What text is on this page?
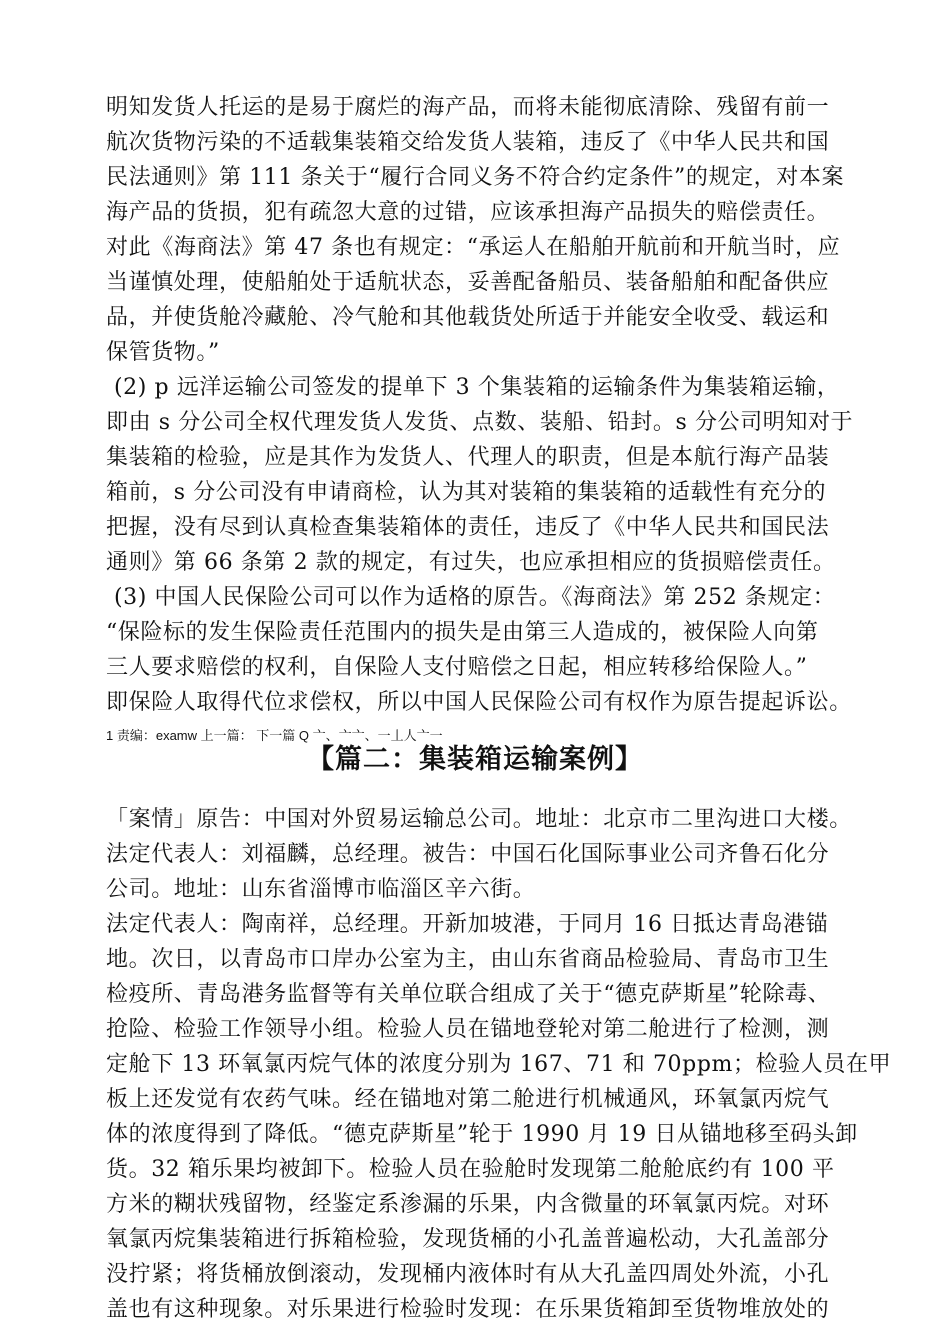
明知发货人托运的是易于腐烂的海产品，而将未能彻底清除、残留有前一
航次货物污染的不适载集装箱交给发货人装箱，违反了《中华人民共和国
民法通则》第 111 条关于“履行合同义务不符合约定条件”的规定，对本案
海产品的货损，犯有疏忽大意的过错，应该承担海产品损失的赔偿责任。
对此《海商法》第 47 条也有规定：“承运人在船舶开航前和开航当时，应
当谨慎处理，使船舶处于适航状态，妥善配备船员、装备船舶和配备供应
品，并使货舱冷藏舱、冷气舱和其他载货处所适于并能安全收受、载运和
保管货物。”
(2) p 远洋运输公司签发的提单下 3 个集装箱的运输条件为集装箱运输，
即由 s 分公司全权代理发货人发货、点数、装船、铅封。s 分公司明知对于
集装箱的检验，应是其作为发货人、代理人的职责，但是本航行海产品装
箱前，s 分公司没有申请商检，认为其对装箱的集装箱的适载性有充分的
把握，没有尽到认真检查集装箱体的责任，违反了《中华人民共和国民法
通则》第 66 条第 2 款的规定，有过失，也应承担相应的货损赔偿责任。
(3) 中国人民保险公司可以作为适格的原告。《海商法》第 252 条规定：
“保险标的发生保险责任范围内的损失是由第三人造成的，被保险人向第
三人要求赔偿的权利，自保险人支付赔偿之日起，相应转移给保险人。”
即保险人取得代位求偿权，所以中国人民保险公司有权作为原告提起诉讼。
1 责编：examw 上一篇： 下一篇 Q 亠、亠亠、一丄人亠一
【篇二：集装箱运输案例】
「案情」原告：中国对外贸易运输总公司。地址：北京市二里沟进口大楼。
法定代表人：刘福麟，总经理。被告：中国石化国际事业公司齐鲁石化分
公司。地址：山东省淄博市临淄区辛六街。
法定代表人：陶南祥，总经理。开新加坡港，于同月 16 日抵达青岛港锚
地。次日，以青岛市口岸办公室为主，由山东省商品检验局、青岛市卫生
检疫所、青岛港务监督等有关单位联合组成了关于“德克萨斯星”轮除毒、
抢险、检验工作领导小组。检验人员在锚地登轮对第二舱进行了检测，测
定舱下 13 环氧氯丙烷气体的浓度分别为 167、71 和 70ppm；检验人员在甲
板上还发觉有农药气味。经在锚地对第二舱进行机械通风，环氧氯丙烷气
体的浓度得到了降低。“德克萨斯星”轮于 1990 月 19 日从锚地移至码头卸
货。32 箱乐果均被卸下。检验人员在验舱时发现第二舱舱底约有 100 平
方米的糊状残留物，经鉴定系渗漏的乐果，内含微量的环氧氯丙烷。对环
氧氯丙烷集装箱进行拆箱检验，发现货桶的小孔盖普遍松动，大孔盖部分
没拧紧；将货桶放倒滚动，发现桶内液体时有从大孔盖四周处外流，小孔
盖也有这种现象。对乐果进行检验时发现：在乐果货箱卸至货物堆放处的
